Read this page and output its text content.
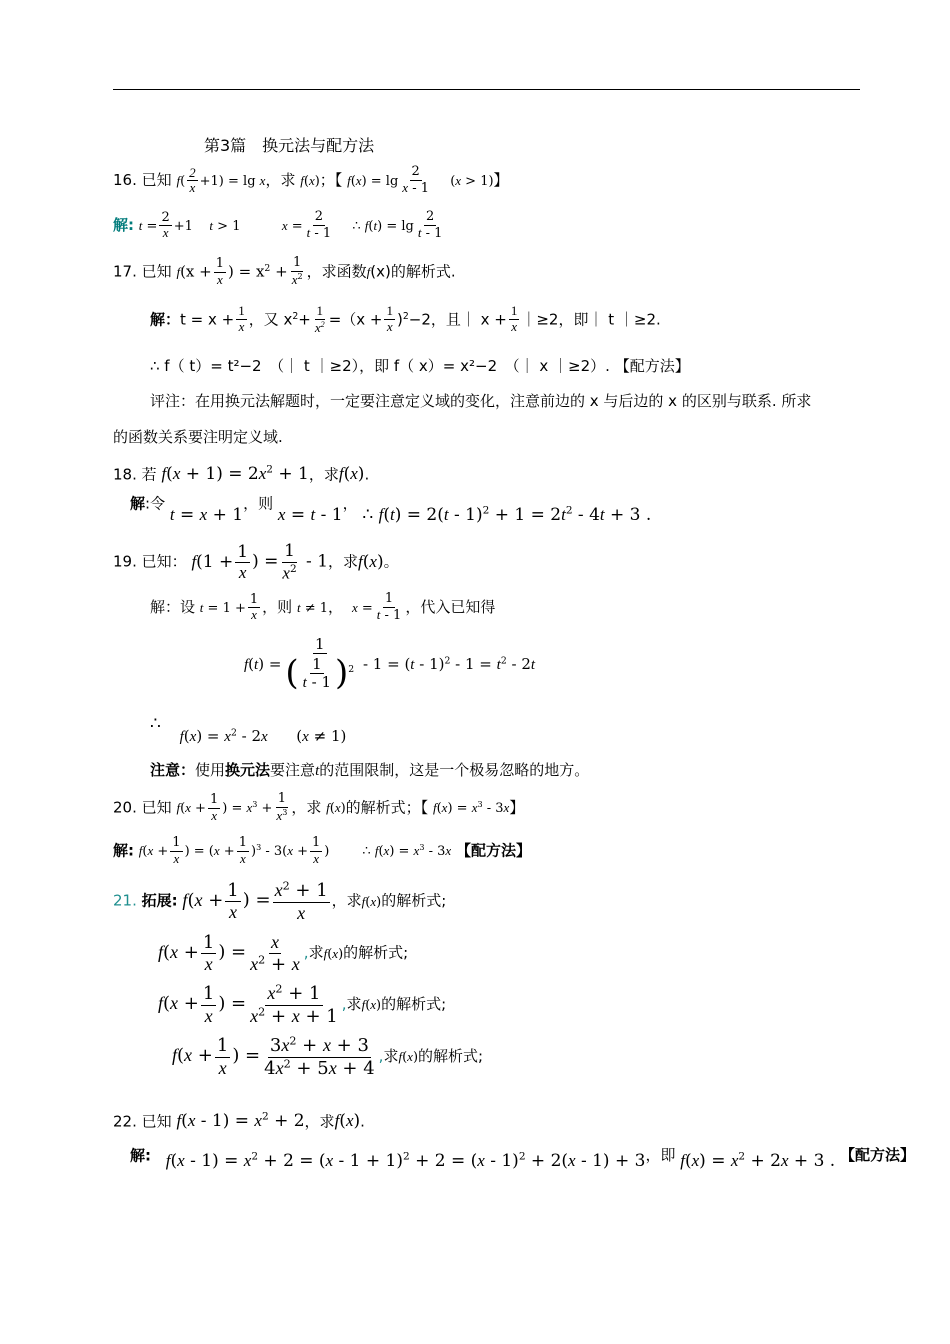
第3篇　换元法与配方法
16. 已知 $f( \frac{2}{x} +1) = \lg x$，求 f(x)；【 $f(x) = \lg \frac{2}{x - 1} (x > 1)$】
解: $t = \frac{2}{x} +1$    t > 1          $x = \frac{2}{t - 1}$ ∴ $f(t) = \lg \frac{2}{t - 1}$
17. 已知 $f(x + \frac{1}{x}$ ) = $x^2 + \frac{1}{x^2}$ ，求函数f(x)的解析式.
解：$t = x + \frac{1}{x}$ ，又 $x^2+ \frac{1}{x^2} =(x + \frac{1}{x} )^2-2$，且｜ $x + \frac{1}{x}$ ｜≥2，即｜ t ｜≥2.
∴ f（ t）= t²−2　（｜ t ｜≥2），即 f（ x）= x²−2　（｜ x ｜≥2）. 【配方法】
评注：在用换元法解题时，一定要注意定义域的变化，注意前边的 x 与后边的 x 的区别与联系. 所求
的函数关系要注明定义域.
18. 若 $f(x + 1) = 2x^2 + 1$，求f(x).
解:令 t = x + 1，则 x = t - 1， ∴ $f(t) = 2(t - 1)^2 + 1 = 2t^2 - 4t + 3$ .
19. 已知： $f(1 + \frac{1}{x}$ ) = $\frac{1}{x^2} - 1$，求f(x)。
解：设 $t = 1 + \frac{1}{x}$ ，则 t ≠ 1， $x = \frac{1}{t - 1}$ ，代入已知得
$f(t) = \frac{1}{( \frac{1}{t - 1} )^2} - 1 = (t - 1)^2 - 1 = t^2 - 2t$
∴ $f(x) = x^2 - 2x$      (x ≠ 1)
注意：使用换元法要注意t的范围限制，这是一个极易忽略的地方。
20. 已知 $f(x + \frac{1}{x}$ ) = $x^3 + \frac{1}{x^3}$ ，求 f(x)的解析式；【 $f(x) = x^3 - 3x$】
解: $f(x + \frac{1}{x}$ ) = $(x + \frac{1}{x} )^3 - 3(x + \frac{1}{x}$ )        ∴ $f(x) = x^3 - 3x$ 【配方法】
21. 拓展: $f(x + \frac{1}{x}$ ) = $\frac{x^2 + 1}{x}$ ，求f(x)的解析式;
$f(x + \frac{1}{x}$ ) = $\frac{x}{x^2 + x}$ ,求f(x)的解析式;
$f(x + \frac{1}{x}$ ) = $\frac{x^2 + 1}{x^2 + x + 1}$ ,求f(x)的解析式;
$f(x + \frac{1}{x}$ ) = $\frac{3x^2 + x + 3}{4x^2 + 5x + 4}$ ,求f(x)的解析式;
22. 已知 $f(x - 1) = x^2 + 2$，求f(x).
解: $f(x - 1) = x^2 + 2 = (x - 1 + 1)^2 + 2 = (x - 1)^2 + 2(x - 1) + 3$，即 $f(x) = x^2 + 2x + 3$ . 【配方法】
